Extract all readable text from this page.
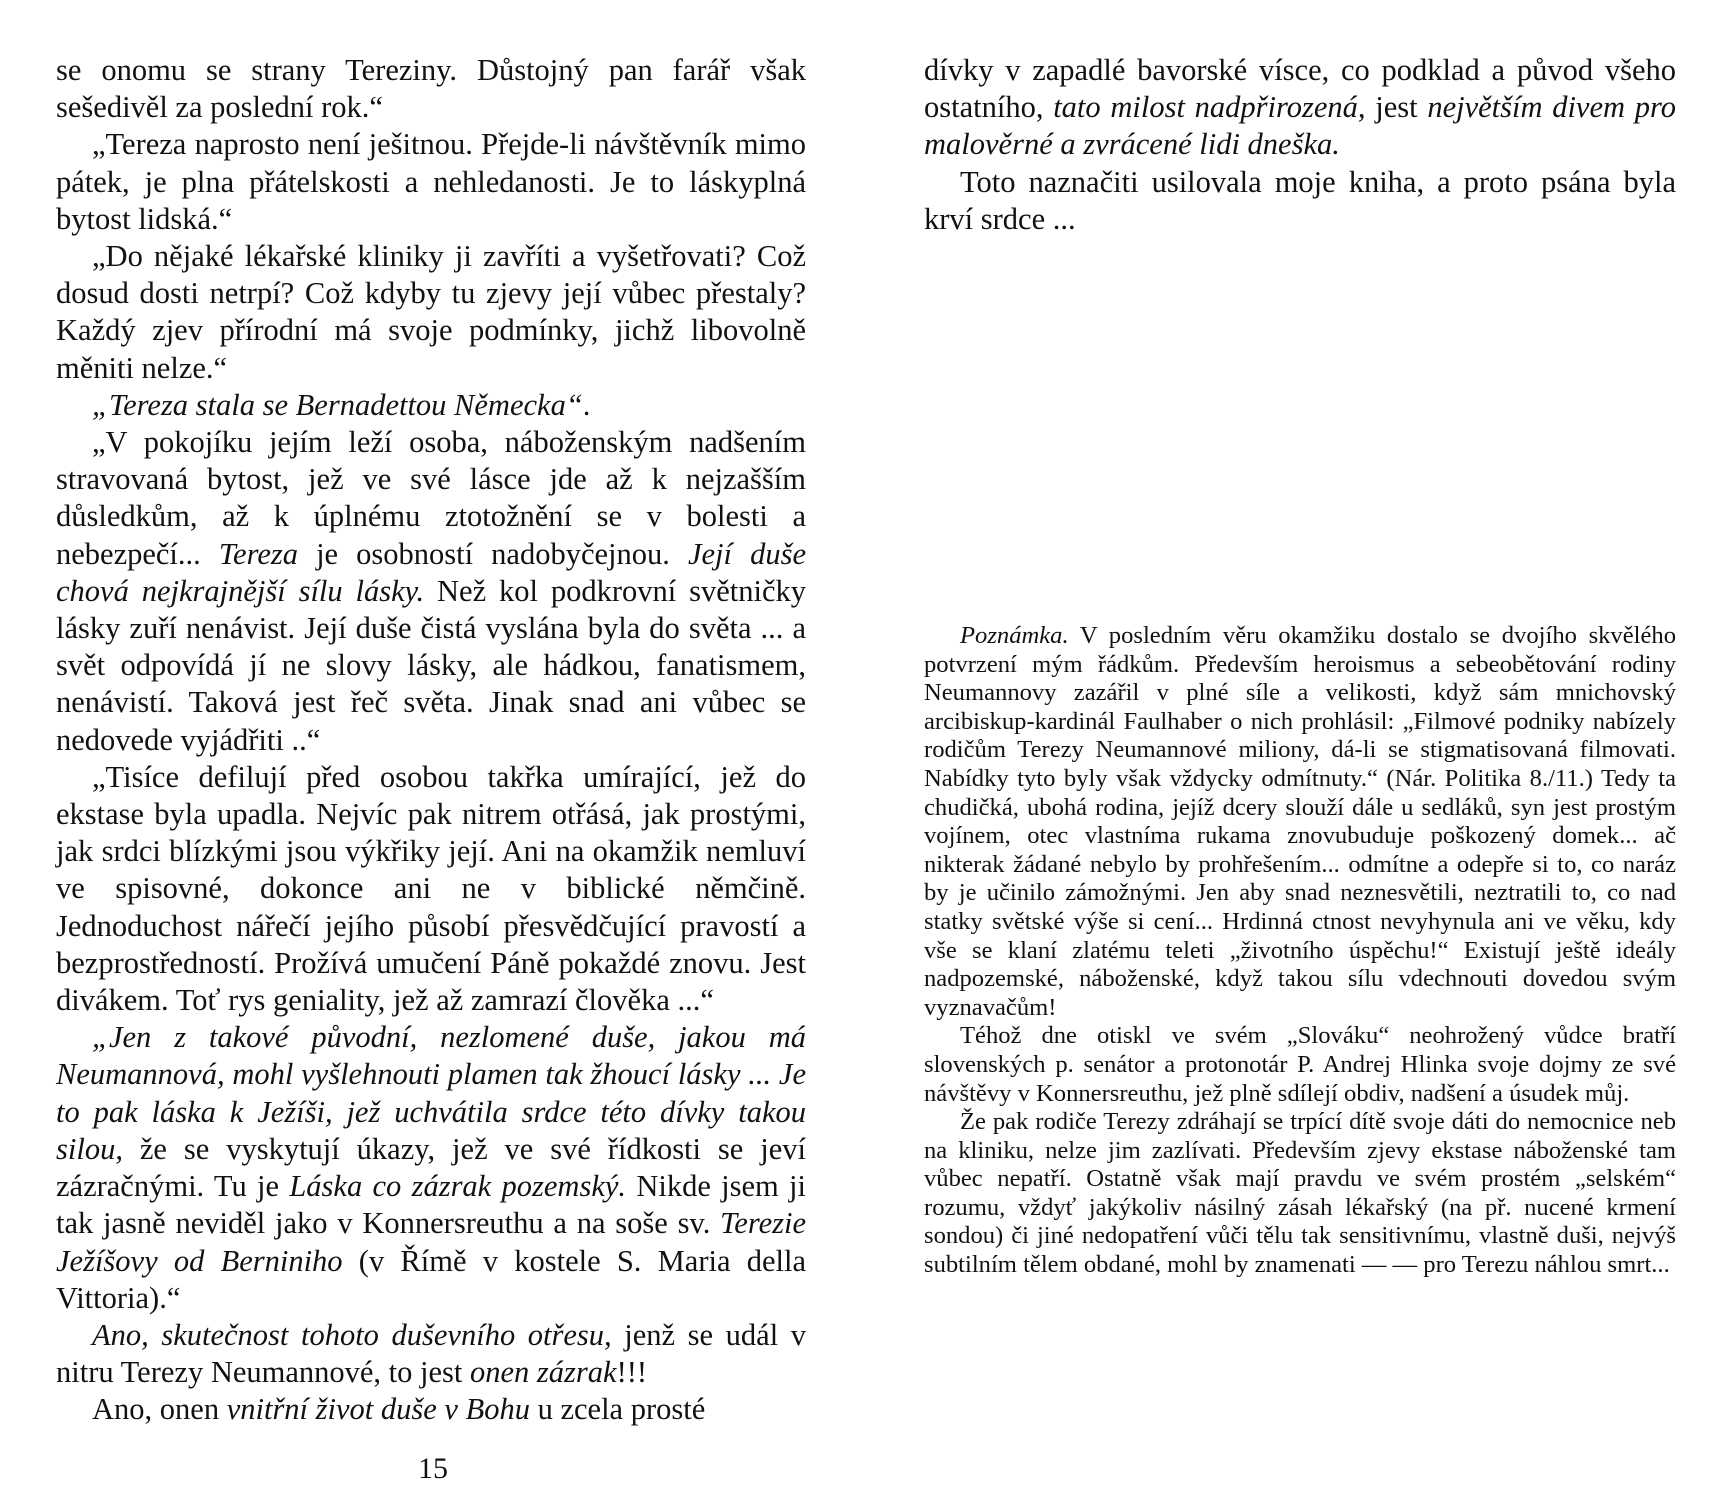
se onomu se strany Tereziny. Důstojný pan farář však sešedivěl za poslední rok.“

„Tereza naprosto není ješitnou. Přejde-li návštěvník mimo pátek, je plna přátelskosti a nehledanosti. Je to láskyplná bytost lidská.“

„Do nějaké lékařské kliniky ji zavříti a vyšetřovati? Což dosud dosti netrpí? Což kdyby tu zjevy její vůbec přestaly? Každý zjev přírodní má svoje podmínky, jichž libovolně měniti nelze.“

„Tereza stala se Bernadettou Německa“.

„V pokojíku jejím leží osoba, náboženským nadšením stravovaná bytost, jež ve své lásce jde až k nejzašším důsledkům, až k úplnému ztotožnění se v bolesti a nebezpečí... Tereza je osobností nadobyčejnou. Její duše chová nejkrajnější sílu lásky. Než kol podkrovní světničky lásky zuří nenávist. Její duše čistá vyslána byla do světa ... a svět odpovídá jí ne slovy lásky, ale hádkou, fanatismem, nenávistí. Taková jest řeč světa. Jinak snad ani vůbec se nedovede vyjádřiti ..“

„Tisíce defilují před osobou takřka umírající, jež do ekstase byla upadla. Nejvíc pak nitrem otřásá, jak prostými, jak srdci blízkými jsou výkřiky její. Ani na okamžik nemluví ve spisovné, dokonce ani ne v biblické němčině. Jednoduchost nářečí jejího působí přesvědčující pravostí a bezprostředností. Prožívá umučení Páně pokaždé znovu. Jest divákem. Toť rys geniality, jež až zamrazí člověka ...“

„Jen z takové původní, nezlomené duše, jakou má Neumannová, mohl vyšlehnouti plamen tak žhoucí lásky ... Je to pak láska k Ježíši, jež uchvátila srdce této dívky takou silou, že se vyskytují úkazy, jež ve své řídkosti se jeví zázračnými. Tu je Láska co zázrak pozemský. Nikde jsem ji tak jasně neviděl jako v Konnersreuthu a na soše sv. Terezie Ježíšovy od Berniniho (v Římě v kostele S. Maria della Vittoria).“

Ano, skutečnost tohoto duševního otřesu, jenž se udál v nitru Terezy Neumannové, to jest onen zázrak!!!

Ano, onen vnitřní život duše v Bohu u zcela prosté

dívky v zapadlé bavorské vísce, co podklad a původ všeho ostatního, tato milost nadpřirozená, jest největším divem pro malověrné a zvrácené lidi dneška.

Toto naznačiti usilovala moje kniha, a proto psána byla krví srdce ...

Poznámka. V posledním věru okamžiku dostalo se dvojího skvělého potvrzení mým řádkům. Především heroismus a sebeobětování rodiny Neumannovy zazářil v plné síle a velikosti, když sám mnichovský arcibiskup-kardinál Faulhaber o nich prohlásil: „Filmové podniky nabízely rodičům Terezy Neumannové miliony, dá-li se stigmatisovaná filmovati. Nabídky tyto byly však vždycky odmítnuty.“ (Nár. Politika 8./11.) Tedy ta chudičká, ubohá rodina, jejíž dcery slouží dále u sedláků, syn jest prostým vojínem, otec vlastníma rukama znovubuduje poškozený domek... ač nikterak žádané nebylo by prohřešením... odmítne a odepře si to, co naráz by je učinilo zámožnými. Jen aby snad neznesvětili, neztratili to, co nad statky světské výše si cení... Hrdinná ctnost nevyhynula ani ve věku, kdy vše se klaní zlatému teleti „životního úspěchu!“ Existují ještě ideály nadpozemské, náboženské, když takou sílu vdechnouti dovedou svým vyznavačům!

Téhož dne otiskl ve svém „Slováku“ neohrožený vůdce bratří slovenských p. senátor a protonotár P. Andrej Hlinka svoje dojmy ze své návštěvy v Konnersreuthu, jež plně sdílejí obdiv, nadšení a úsudek můj.

Že pak rodiče Terezy zdráhají se trpící dítě svoje dáti do nemocnice neb na kliniku, nelze jim zazlívati. Především zjevy ekstase náboženské tam vůbec nepatří. Ostatně však mají pravdu ve svém prostém „selském“ rozumu, vždyť jakýkoliv násilný zásah lékařský (na př. nucené krmení sondou) či jiné nedopatření vůči tělu tak sensitivnímu, vlastně duši, nejvýš subtilním tělem obdané, mohl by znamenati — — pro Terezu náhlou smrt...

15
